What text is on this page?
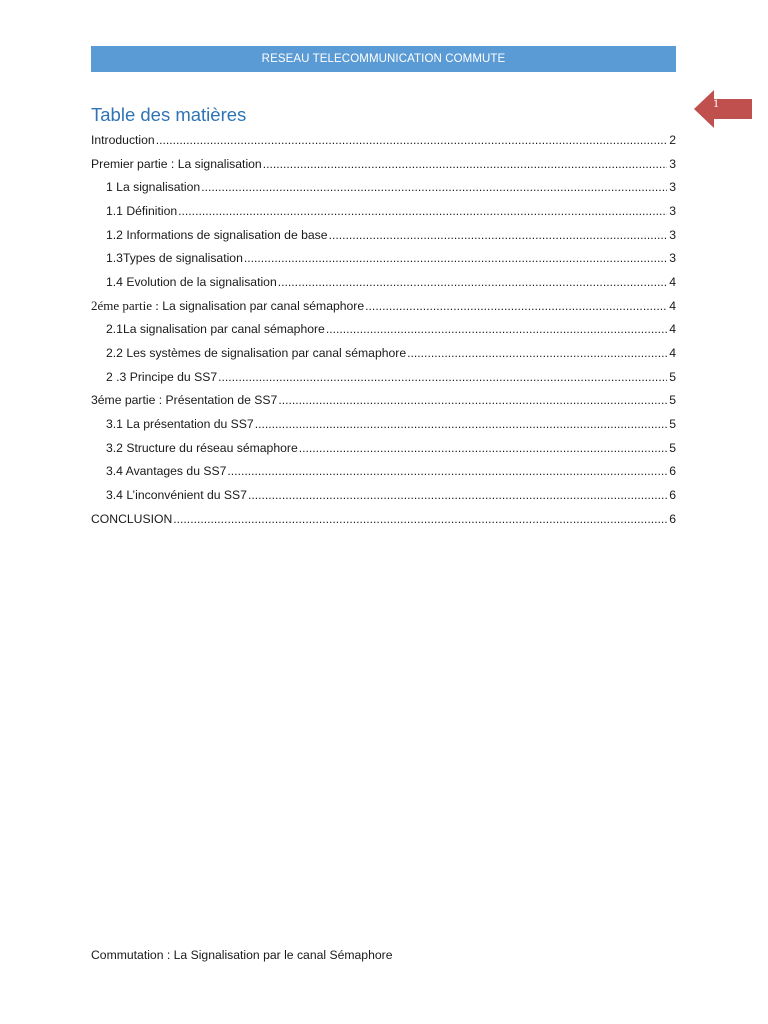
RESEAU TELECOMMUNICATION COMMUTE
1
Table des matières
Introduction .....	2
Premier partie : La signalisation .....	3
1 La signalisation .....	3
1.1 Définition .....	3
1.2 Informations de signalisation de base .....	3
1.3Types de signalisation .....	3
1.4 Evolution de la signalisation .....	4
2éme partie : La signalisation par canal sémaphore .....	4
2.1La signalisation par canal sémaphore .....	4
2.2 Les systèmes de signalisation par canal sémaphore .....	4
2 .3 Principe du SS7 .....	5
3éme partie : Présentation de SS7 .....	5
3.1 La présentation du SS7 .....	5
3.2 Structure du réseau sémaphore .....	5
3.4 Avantages du SS7 .....	6
3.4 L’inconvénient du SS7 .....	6
CONCLUSION .....	6
Commutation : La Signalisation par le canal Sémaphore
